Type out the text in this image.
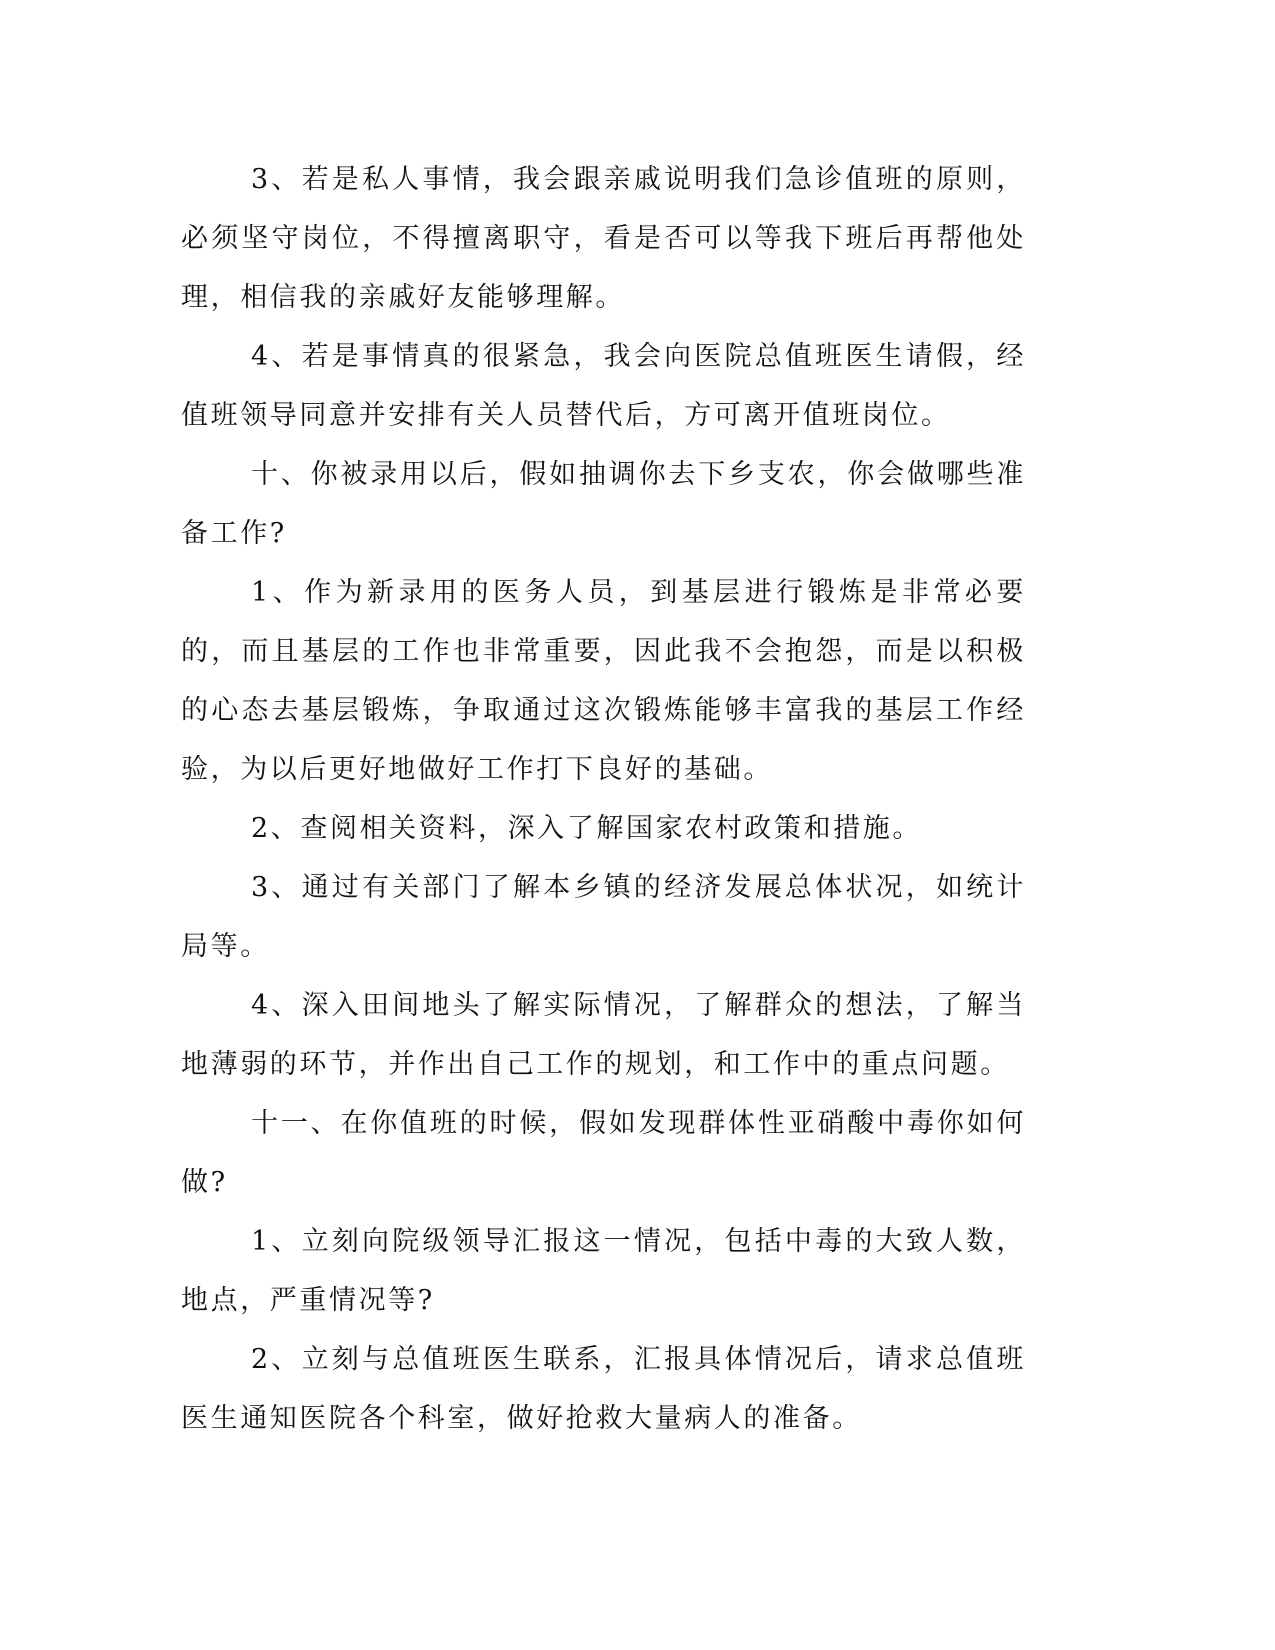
3、若是私人事情，我会跟亲戚说明我们急诊值班的原则，必须坚守岗位，不得擅离职守，看是否可以等我下班后再帮他处理，相信我的亲戚好友能够理解。

4、若是事情真的很紧急，我会向医院总值班医生请假，经值班领导同意并安排有关人员替代后，方可离开值班岗位。

十、你被录用以后，假如抽调你去下乡支农，你会做哪些准备工作?

1、作为新录用的医务人员，到基层进行锻炼是非常必要的，而且基层的工作也非常重要，因此我不会抱怨，而是以积极的心态去基层锻炼，争取通过这次锻炼能够丰富我的基层工作经验，为以后更好地做好工作打下良好的基础。

2、查阅相关资料，深入了解国家农村政策和措施。

3、通过有关部门了解本乡镇的经济发展总体状况，如统计局等。

4、深入田间地头了解实际情况，了解群众的想法，了解当地薄弱的环节，并作出自己工作的规划，和工作中的重点问题。

十一、在你值班的时候，假如发现群体性亚硝酸中毒你如何做?

1、立刻向院级领导汇报这一情况，包括中毒的大致人数，地点，严重情况等?

2、立刻与总值班医生联系，汇报具体情况后，请求总值班医生通知医院各个科室，做好抢救大量病人的准备。
